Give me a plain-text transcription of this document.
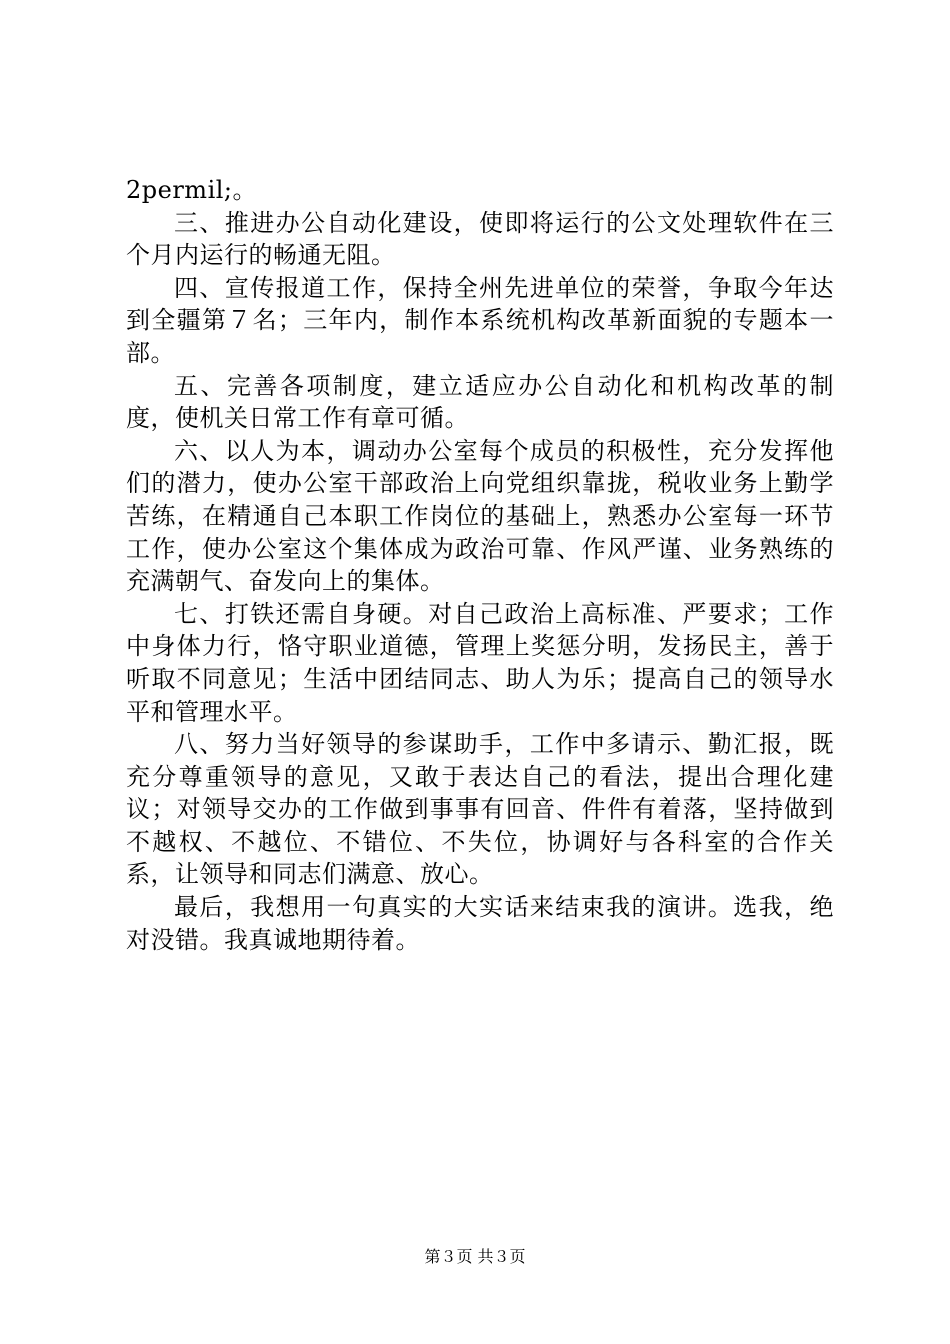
2permil;。

三、推进办公自动化建设，使即将运行的公文处理软件在三个月内运行的畅通无阻。

四、宣传报道工作，保持全州先进单位的荣誉，争取今年达到全疆第７名；三年内，制作本系统机构改革新面貌的专题本一部。

五、完善各项制度，建立适应办公自动化和机构改革的制度，使机关日常工作有章可循。

六、以人为本，调动办公室每个成员的积极性，充分发挥他们的潜力，使办公室干部政治上向党组织靠拢，税收业务上勤学苦练，在精通自己本职工作岗位的基础上，熟悉办公室每一环节工作，使办公室这个集体成为政治可靠、作风严谨、业务熟练的充满朝气、奋发向上的集体。

七、打铁还需自身硬。对自己政治上高标准、严要求；工作中身体力行，恪守职业道德，管理上奖惩分明，发扬民主，善于听取不同意见；生活中团结同志、助人为乐；提高自己的领导水平和管理水平。

八、努力当好领导的参谋助手，工作中多请示、勤汇报，既充分尊重领导的意见，又敢于表达自己的看法，提出合理化建议；对领导交办的工作做到事事有回音、件件有着落，坚持做到不越权、不越位、不错位、不失位，协调好与各科室的合作关系，让领导和同志们满意、放心。

最后，我想用一句真实的大实话来结束我的演讲。选我，绝对没错。我真诚地期待着。

第３页 共３页
